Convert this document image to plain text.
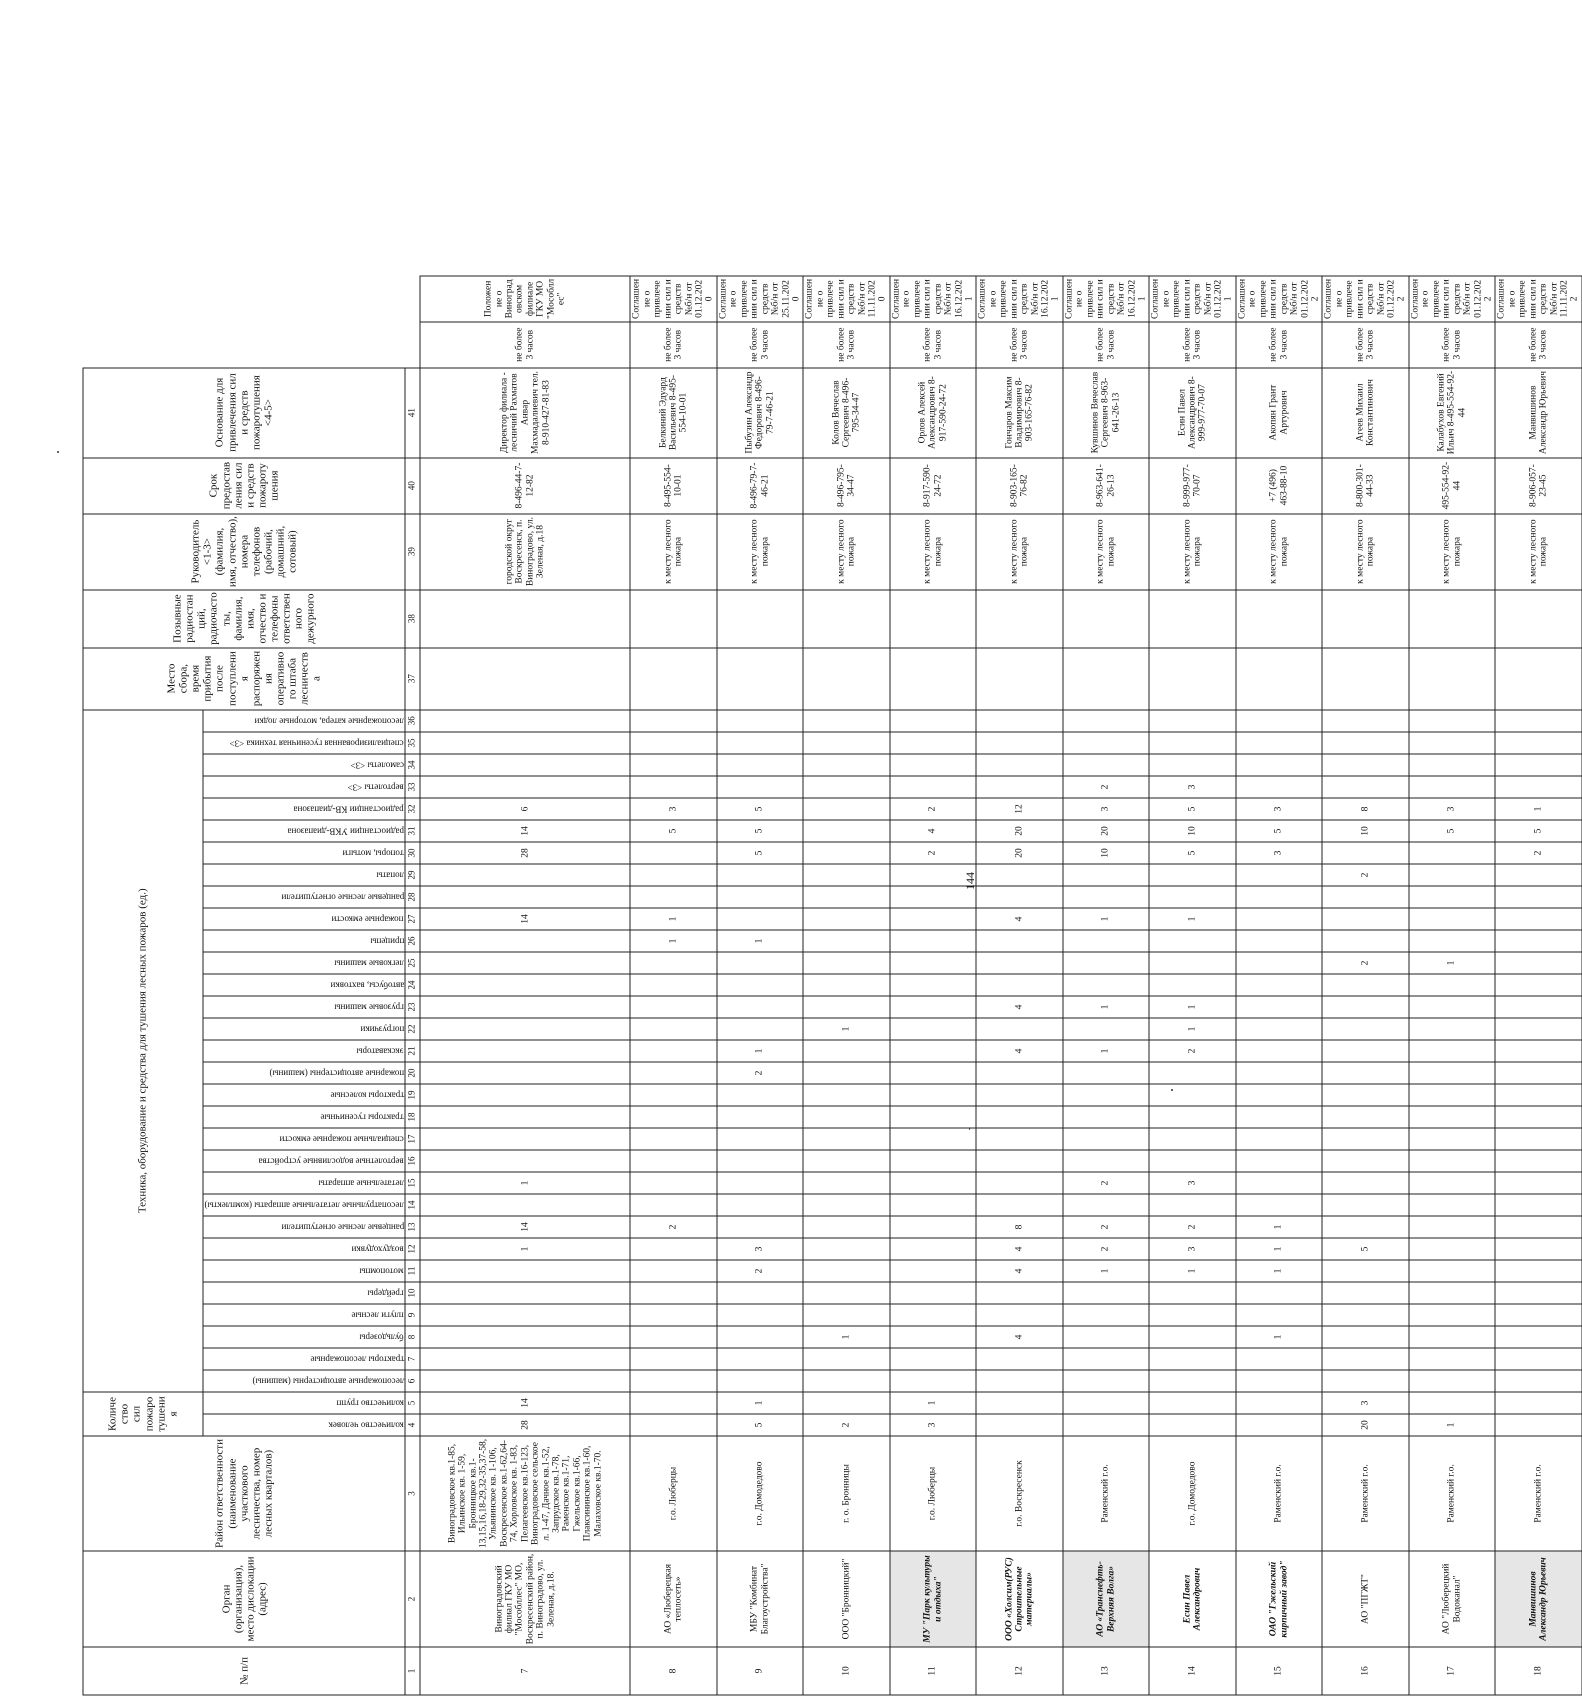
144
№ п/п	Орган (организация), место дислокации (адрес)	Район ответственности (наименование участкового лесничества, номер лесных кварталов)	Количество сил пожаротушения		Техника, оборудование и средства для тушения лесных пожаров (ед.)																															Место сбора, время прибытия после поступления распоряжения оперативного штаба лесничества	Позывные радиостанций, радиочастоты, фамилия, имя, отчество и телефоны ответственного дежурного	Руководитель <1-3> (фамилия, имя, отчество), номера телефонов (рабочий, домашний, сотовый)	Срок предоставления сил и средств пожаротушения	Основание для привлечения сил и средств пожаротушения <4-5>		

			количество человек	количество групп	лесопожарные автоцистерны (машины)	тракторы лесопожарные	бульдозеры	плуги лесные	грейдеры	мотопомпы	воздуходувки	ранцевые лесные огнетушители	лесопатрульные летательные аппараты (комплекты)	летательные аппараты	вертолетные водосливные устройства	специальные пожарные емкости	тракторы гусеничные	тракторы колесные	пожарные автоцистерны (машины)	экскаваторы	погрузчики	грузовые машины	автобусы, вахтовки	легковые машины	прицепы	пожарные емкости	ранцевые лесные огнетушители	лопаты	топоры, мотыги	радиостанции УКВ-диапазона	радиостанции КВ-диапазона	вертолеты <3>	самолеты <3>	специализированная гусеничная техника <3>	лесопожарные катера, моторные лодки							

1	2	3	4	5	6	7	8	9	10	11	12	13	14	15	16	17	18	19	20	21	22	23	24	25	26	27	28	29	30	31	32	33	34	35	36	37	38	39	40	41		
7	Виноградовский филиал ГКУ МО "Мособллес" МО, Воскресенский район, п. Виноградово, ул. Зеленая, д.18.	Виноградовское кв.1-85, Ильинское кв. 1-59, Бронницкое кв.1-13,15,16,18-29,32-35,37-58, Ульянинское кв. 1-106, Воскресенское кв.1-62,64-74, Хорловское кв. 1-83, Пелагеевское кв.16-123, Виноградовское сельское л. 1-47, Дачное кв.1-52, Запрудское кв.1-78, Раменское кв.1-71, Гжельское кв.1-66, Плаксининское кв.1-60, Малаховское кв.1-70.	28	14							1	14		1												14			28	14	6							городской округ Воскресенск, п. Виноградово, ул. Зеленая, д.18	8-496-44-7-12-82	Директор филиала - лесничий Рахматов Анвар Махмадалиевич тел. 8-910-427-81-83	не более 3 часов	Положение о Виноградовском филиале ГКУ МО "Мособллес"
8	АО «Люберецкая теплосеть»	г.о. Люберцы										2													1	1				5	3							к месту лесного пожара	8-495-554-10-01	Белкиний Эдуард Васильевич 8-495-554-10-01	не более 3 часов	Соглашение о привлечении сил и средств №б/н от 01.12.2020
9	МБУ "Комбинат Благоустройства"	г.о. Домодедово	5	1						2	3								2	1					1				5	5	5							к месту лесного пожара	8-496-79-7-46-21	Пыбузин Александр Федорович 8-496-79-7-46-21	не более 3 часов	Соглашение о привлечении сил и средств №б/н от 25.11.2020
10	ООО "Бронницкий"	г. о. Бронницы	2				1														1																	к месту лесного пожара	8-496-795-34-47	Колов Вячеслав Сергеевич 8-496-795-34-47	не более 3 часов	Соглашение о привлечении сил и средств №б/н от 11.11.2020
11	МУ "Парк культуры и отдыха"	г.о. Люберцы	3	1																									2	4	2							к месту лесного пожара	8-917-590-24-72	Орлов Алексей Александрович 8-917-590-24-72	не более 3 часов	Соглашение о привлечении сил и средств №б/н от 16.12.2021
12	ООО «Холсим(РУС) Строительные материалы»	г.о. Воскресенск					4			4	4	8								4		4				4			20	20	12							к месту лесного пожара	8-903-165-76-82	Гончаров Максим Владимирович 8-903-165-76-82	не более 3 часов	Соглашение о привлечении сил и средств №б/н от 16.12.2021
13	АО «Транснефть-Верхняя Волга»	Раменский г.о.								1	2	2		2						1		1				1			10	20	3	2						к месту лесного пожара	8-963-641-26-13	Кувшинов Вячеслав Сергеевич 8-963-641-26-13	не более 3 часов	Соглашение о привлечении сил и средств №б/н от 16.12.2021
14	Есин Павел Александрович	г.о. Домодедово								1	3	2		3						2	1	1				1			5	10	5	3						к месту лесного пожара	8-999-977-70-07	Есин Павел Александрович 8-999-977-70-07	не более 3 часов	Соглашение о привлечении сил и средств №б/н от 01.12.2021
15	ОАО "Гжельский кирпичный завод"	Раменский г.о.					1			1	1	1																	3	5	3							к месту лесного пожара	+7 (496) 463-88-10	Акопян Грант Артурович	не более 3 часов	Соглашение о привлечении сил и средств №б/н от 01.12.2022
16	АО "ПГЖТ"	Раменский г.о.	20	3							5													2				2		10	8							к месту лесного пожара	8-800-301-44-33	Агеев Михаил Константинович	не более 3 часов	Соглашение о привлечении сил и средств №б/н от 01.12.2022
17	АО "Люберецкий Водоканал"	Раменский г.о.	1																					1						5	3							к месту лесного пожара	495-554-92-44	Калабухов Евгений Ильич 8-495-554-92-44	не более 3 часов	Соглашение о привлечении сил и средств №б/н от 01.12.2022
18	Манвишинов Александр Юрьевич	Раменский г.о.																											2	5	1							к месту лесного пожара	8-906-057-23-45	Манвишинов Александр Юрьевич	не более 3 часов	Соглашение о привлечении сил и средств №б/н от 11.11.2022
